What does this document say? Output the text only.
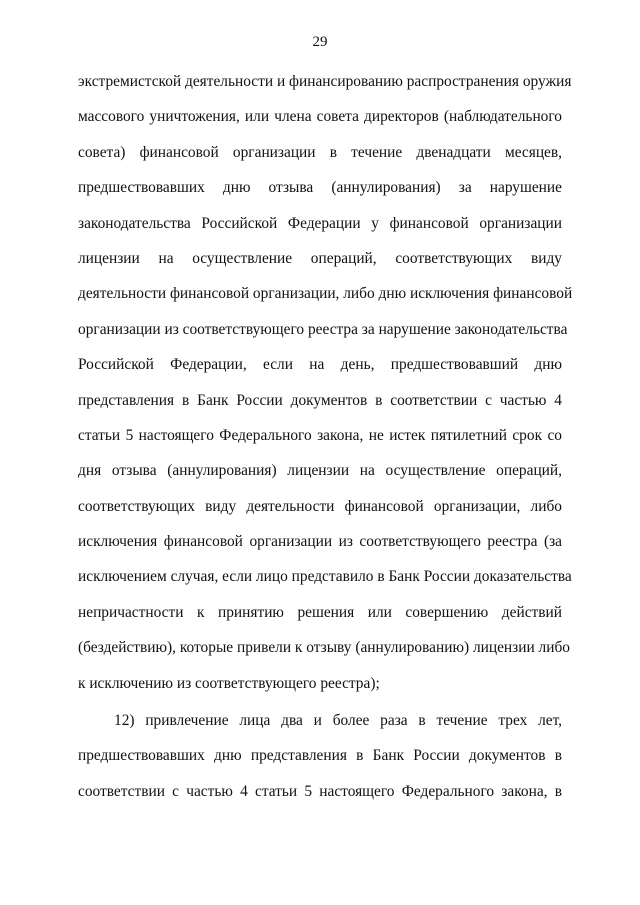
29
экстремистской деятельности и финансированию распространения оружия
массового уничтожения, или члена совета директоров (наблюдательного
совета) финансовой организации в течение двенадцати месяцев,
предшествовавших дню отзыва (аннулирования) за нарушение
законодательства Российской Федерации у финансовой организации
лицензии на осуществление операций, соответствующих виду
деятельности финансовой организации, либо дню исключения финансовой
организации из соответствующего реестра за нарушение законодательства
Российской Федерации, если на день, предшествовавший дню
представления в Банк России документов в соответствии с частью 4
статьи 5 настоящего Федерального закона, не истек пятилетний срок со
дня отзыва (аннулирования) лицензии на осуществление операций,
соответствующих виду деятельности финансовой организации, либо
исключения финансовой организации из соответствующего реестра (за
исключением случая, если лицо представило в Банк России доказательства
непричастности к принятию решения или совершению действий
(бездействию), которые привели к отзыву (аннулированию) лицензии либо
к исключению из соответствующего реестра);
12) привлечение лица два и более раза в течение трех лет,
предшествовавших дню представления в Банк России документов в
соответствии с частью 4 статьи 5 настоящего Федерального закона, в
